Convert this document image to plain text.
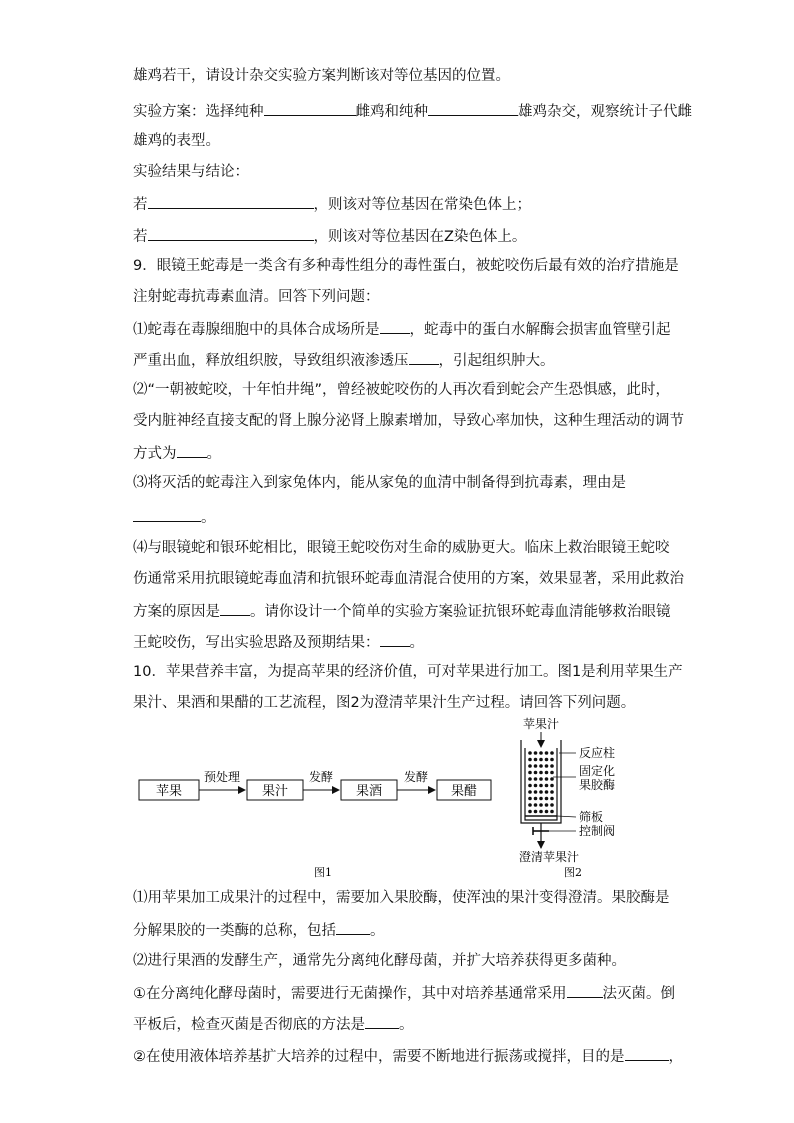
雄鸡若干，请设计杂交实验方案判断该对等位基因的位置。
实验方案：选择纯种	雌鸡和纯种	雄鸡杂交，观察统计子代雌
雄鸡的表型。
实验结果与结论：
若	，则该对等位基因在常染色体上；
若	，则该对等位基因在Z染色体上。
9．眼镜王蛇毒是一类含有多种毒性组分的毒性蛋白，被蛇咬伤后最有效的治疗措施是
注射蛇毒抗毒素血清。回答下列问题：
⑴蛇毒在毒腺细胞中的具体合成场所是 ，蛇毒中的蛋白水解酶会损害血管壁引起
严重出血，释放组织胺，导致组织液渗透压 ，引起组织肿大。
⑵“一朝被蛇咬，十年怕井绳”，曾经被蛇咬伤的人再次看到蛇会产生恐惧感，此时，
受内脏神经直接支配的肾上腺分泌肾上腺素增加，导致心率加快，这种生理活动的调节
方式为 。
⑶将灭活的蛇毒注入到家兔体内，能从家兔的血清中制备得到抗毒素，理由是
。
⑷与眼镜蛇和银环蛇相比，眼镜王蛇咬伤对生命的威胁更大。临床上救治眼镜王蛇咬
伤通常采用抗眼镜蛇毒血清和抗银环蛇毒血清混合使用的方案，效果显著，采用此救治
方案的原因是 。请你设计一个简单的实验方案验证抗银环蛇毒血清能够救治眼镜
王蛇咬伤，写出实验思路及预期结果： 。
10．苹果营养丰富，为提高苹果的经济价值，可对苹果进行加工。图1是利用苹果生产
果汁、果酒和果醋的工艺流程，图2为澄清苹果汁生产过程。请回答下列问题。
苹果
预处理
果汁
发酵
果酒
发酵
果醋
图1
苹果汁
反应柱
固定化
果胶酶
筛板
控制阀
澄清苹果汁
图2
⑴用苹果加工成果汁的过程中，需要加入果胶酶，使浑浊的果汁变得澄清。果胶酶是
分解果胶的一类酶的总称，包括 。
⑵进行果酒的发酵生产，通常先分离纯化酵母菌，并扩大培养获得更多菌种。
①在分离纯化酵母菌时，需要进行无菌操作，其中对培养基通常采用 法灭菌。倒
平板后，检查灭菌是否彻底的方法是 。
②在使用液体培养基扩大培养的过程中，需要不断地进行振荡或搅拌，目的是	，
